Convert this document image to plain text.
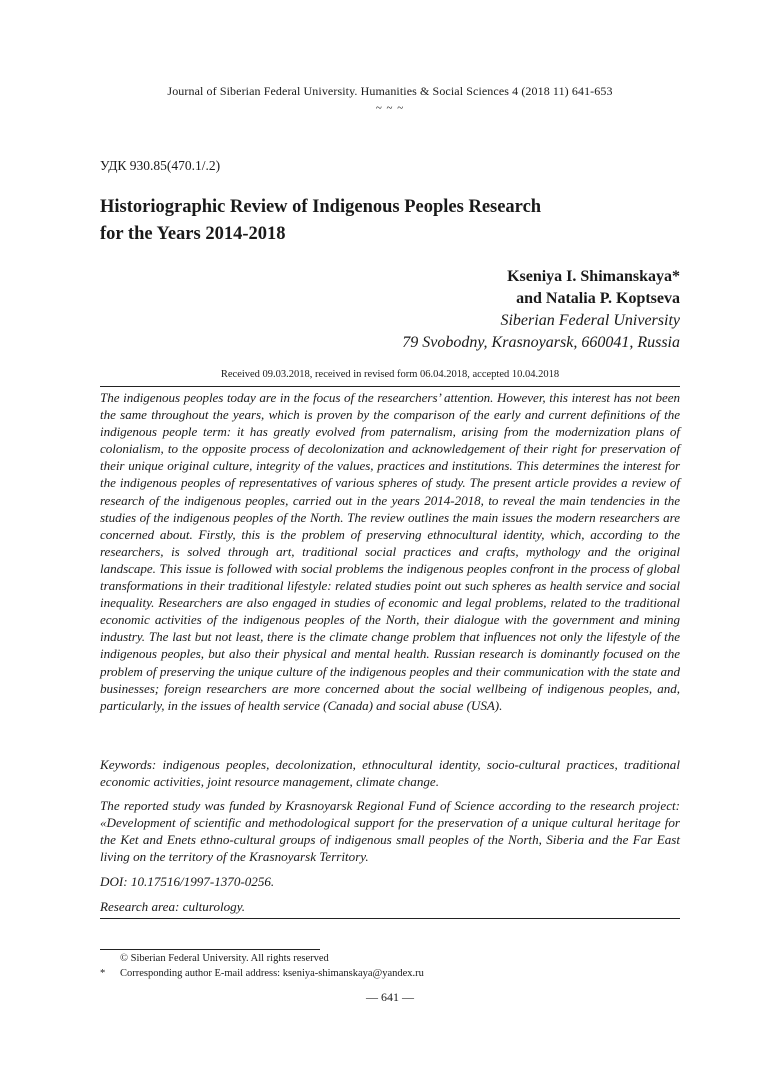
Journal of Siberian Federal University. Humanities & Social Sciences 4 (2018 11) 641-653
~ ~ ~
УДК 930.85(470.1/.2)
Historiographic Review of Indigenous Peoples Research
for the Years 2014-2018
Kseniya I. Shimanskaya*
and Natalia P. Koptseva
Siberian Federal University
79 Svobodny, Krasnoyarsk, 660041, Russia
Received 09.03.2018, received in revised form 06.04.2018, accepted 10.04.2018
The indigenous peoples today are in the focus of the researchers’ attention. However, this interest has not been the same throughout the years, which is proven by the comparison of the early and current definitions of the indigenous people term: it has greatly evolved from paternalism, arising from the modernization plans of colonialism, to the opposite process of decolonization and acknowledgement of their right for preservation of their unique original culture, integrity of the values, practices and institutions. This determines the interest for the indigenous peoples of representatives of various spheres of study. The present article provides a review of research of the indigenous peoples, carried out in the years 2014-2018, to reveal the main tendencies in the studies of the indigenous peoples of the North. The review outlines the main issues the modern researchers are concerned about. Firstly, this is the problem of preserving ethnocultural identity, which, according to the researchers, is solved through art, traditional social practices and crafts, mythology and the original landscape. This issue is followed with social problems the indigenous peoples confront in the process of global transformations in their traditional lifestyle: related studies point out such spheres as health service and social inequality. Researchers are also engaged in studies of economic and legal problems, related to the traditional economic activities of the indigenous peoples of the North, their dialogue with the government and mining industry. The last but not least, there is the climate change problem that influences not only the lifestyle of the indigenous peoples, but also their physical and mental health. Russian research is dominantly focused on the problem of preserving the unique culture of the indigenous peoples and their communication with the state and businesses; foreign researchers are more concerned about the social wellbeing of indigenous peoples, and, particularly, in the issues of health service (Canada) and social abuse (USA).
Keywords: indigenous peoples, decolonization, ethnocultural identity, socio-cultural practices, traditional economic activities, joint resource management, climate change.
The reported study was funded by Krasnoyarsk Regional Fund of Science according to the research project: «Development of scientific and methodological support for the preservation of a unique cultural heritage for the Ket and Enets ethno-cultural groups of indigenous small peoples of the North, Siberia and the Far East living on the territory of the Krasnoyarsk Territory.
DOI: 10.17516/1997-1370-0256.
Research area: culturology.
© Siberian Federal University. All rights reserved
* Corresponding author E-mail address: kseniya-shimanskaya@yandex.ru
— 641 —
